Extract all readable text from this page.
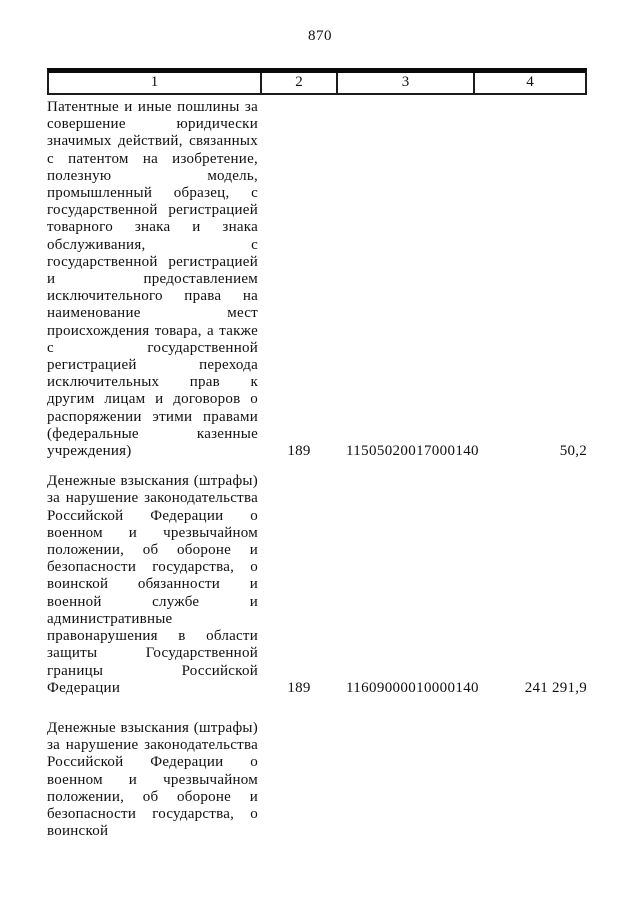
870
1	2	3	4
Патентные и иные пошлины за совершение юридически значимых действий, связанных с патентом на изобретение, полезную модель, промышленный образец, с государственной регистрацией товарного знака и знака обслуживания, с государственной регистрацией и предоставлением исключительного права на наименование мест происхождения товара, а также с государственной регистрацией перехода исключительных прав к другим лицам и договоров о распоряжении этими правами (федеральные казенные учреждения)	189	11505020017000140	50,2
Денежные взыскания (штрафы) за нарушение законодательства Российской Федерации о военном и чрезвычайном положении, об обороне и безопасности государства, о воинской обязанности и военной службе и административные правонарушения в области защиты Государственной границы Российской Федерации	189	11609000010000140	241 291,9
Денежные взыскания (штрафы) за нарушение законодательства Российской Федерации о военном и чрезвычайном положении, об обороне и безопасности государства, о воинской
